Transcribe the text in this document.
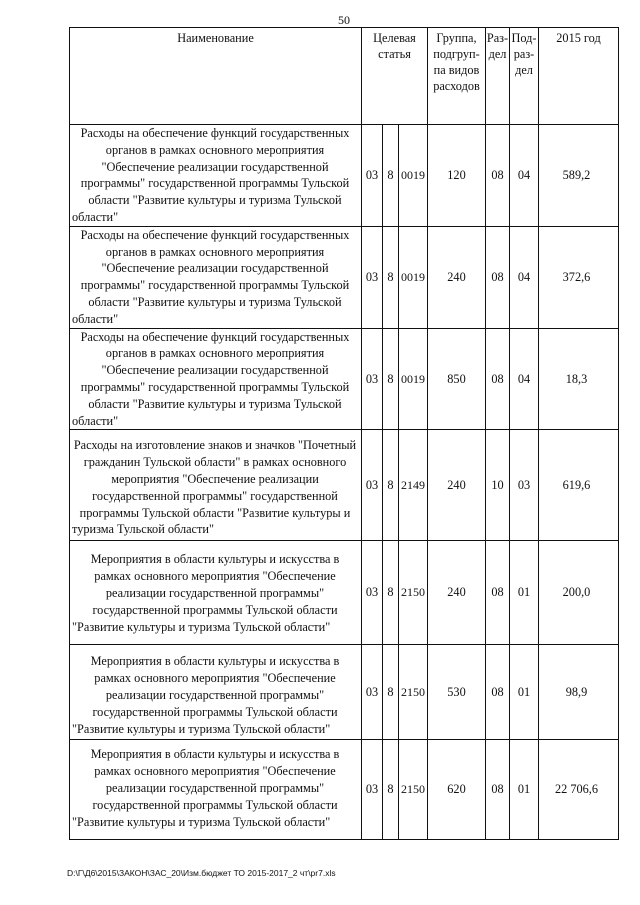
50
Наименование	Целевая статья			Группа, подгруп-па видов расходов	Раз-дел	Под-раз-дел	2015 год
Расходы на обеспечение функций государственных органов в рамках основного мероприятия "Обеспечение реализации государственной программы" государственной программы Тульской области "Развитие культуры и туризма Тульской области"	03	8	0019	120	08	04	589,2
Расходы на обеспечение функций государственных органов в рамках основного мероприятия "Обеспечение реализации государственной программы" государственной программы Тульской области "Развитие культуры и туризма Тульской области"	03	8	0019	240	08	04	372,6
Расходы на обеспечение функций государственных органов в рамках основного мероприятия "Обеспечение реализации государственной программы" государственной программы Тульской области "Развитие культуры и туризма Тульской области"	03	8	0019	850	08	04	18,3
Расходы на изготовление знаков и значков "Почетный гражданин Тульской области" в рамках основного мероприятия "Обеспечение реализации государственной программы" государственной программы Тульской области "Развитие культуры и туризма Тульской области"	03	8	2149	240	10	03	619,6
Мероприятия в области культуры и искусства в рамках основного мероприятия "Обеспечение реализации государственной программы" государственной программы Тульской области "Развитие культуры и туризма Тульской области"	03	8	2150	240	08	01	200,0
Мероприятия в области культуры и искусства в рамках основного мероприятия "Обеспечение реализации государственной программы" государственной программы Тульской области "Развитие культуры и туризма Тульской области"	03	8	2150	530	08	01	98,9
Мероприятия в области культуры и искусства в рамках основного мероприятия "Обеспечение реализации государственной программы" государственной программы Тульской области "Развитие культуры и туризма Тульской области"	03	8	2150	620	08	01	22 706,6
D:\Г\Д6\2015\ЗАКОН\ЗАС_20\Изм.бюджет ТО 2015-2017_2 чт\pr7.xls
